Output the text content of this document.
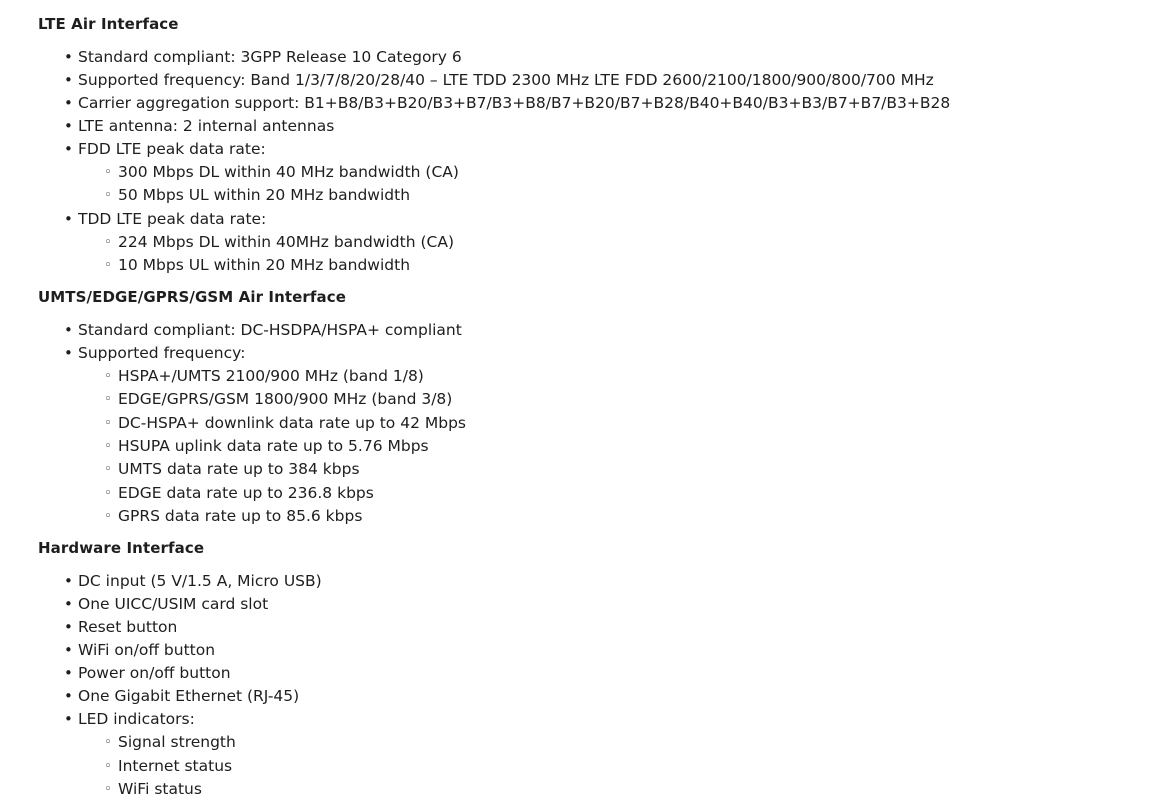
LTE Air Interface
• Standard compliant: 3GPP Release 10 Category 6
• Supported frequency: Band 1/3/7/8/20/28/40 – LTE TDD 2300 MHz LTE FDD 2600/2100/1800/900/800/700 MHz
• Carrier aggregation support: B1+B8/B3+B20/B3+B7/B3+B8/B7+B20/B7+B28/B40+B40/B3+B3/B7+B7/B3+B28
• LTE antenna: 2 internal antennas
• FDD LTE peak data rate:
◦ 300 Mbps DL within 40 MHz bandwidth (CA)
◦ 50 Mbps UL within 20 MHz bandwidth
• TDD LTE peak data rate:
◦ 224 Mbps DL within 40MHz bandwidth (CA)
◦ 10 Mbps UL within 20 MHz bandwidth
UMTS/EDGE/GPRS/GSM Air Interface
• Standard compliant: DC-HSDPA/HSPA+ compliant
• Supported frequency:
◦ HSPA+/UMTS 2100/900 MHz (band 1/8)
◦ EDGE/GPRS/GSM 1800/900 MHz (band 3/8)
◦ DC-HSPA+ downlink data rate up to 42 Mbps
◦ HSUPA uplink data rate up to 5.76 Mbps
◦ UMTS data rate up to 384 kbps
◦ EDGE data rate up to 236.8 kbps
◦ GPRS data rate up to 85.6 kbps
Hardware Interface
• DC input (5 V/1.5 A, Micro USB)
• One UICC/USIM card slot
• Reset button
• WiFi on/off button
• Power on/off button
• One Gigabit Ethernet (RJ-45)
• LED indicators:
◦ Signal strength
◦ Internet status
◦ WiFi status
